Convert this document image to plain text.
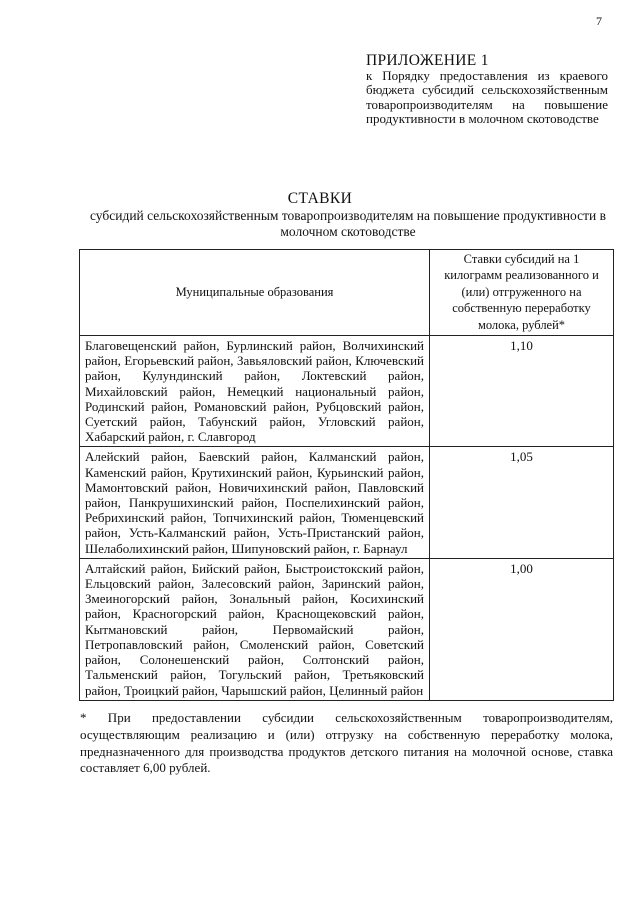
7
ПРИЛОЖЕНИЕ 1
к Порядку предоставления из краевого бюджета субсидий сельскохозяйственным товаропроизводителям на повышение продуктивности в молочном скотоводстве
СТАВКИ
субсидий сельскохозяйственным товаропроизводителям на повышение продуктивности в молочном скотоводстве
Муниципальные образования	Ставки субсидий на 1 килограмм реализованного и (или) отгруженного на собственную переработку молока, рублей*
Благовещенский район, Бурлинский район, Волчихинский район, Егорьевский район, Завьяловский район, Ключевский район, Кулундинский район, Локтевский район, Михайловский район, Немецкий национальный район, Родинский район, Романовский район, Рубцовский район, Суетский район, Табунский район, Угловский район, Хабарский район, г. Славгород	1,10
Алейский район, Баевский район, Калманский район, Каменский район, Крутихинский район, Курьинский район, Мамонтовский район, Новичихинский район, Павловский район, Панкрушихинский район, Поспелихинский район, Ребрихинский район, Топчихинский район, Тюменцевский район, Усть-Калманский район, Усть-Пристанский район, Шелаболихинский район, Шипуновский район, г. Барнаул	1,05
Алтайский район, Бийский район, Быстроистокский район, Ельцовский район, Залесовский район, Заринский район, Змеиногорский район, Зональный район, Косихинский район, Красногорский район, Краснощековский район, Кытмановский район, Первомайский район, Петропавловский район, Смоленский район, Советский район, Солонешенский район, Солтонский район, Тальменский район, Тогульский район, Третьяковский район, Троицкий район, Чарышский район, Целинный район	1,00
* При предоставлении субсидии сельскохозяйственным товаропроизводителям, осуществляющим реализацию и (или) отгрузку на собственную переработку молока, предназначенного для производства продуктов детского питания на молочной основе, ставка составляет 6,00 рублей.
